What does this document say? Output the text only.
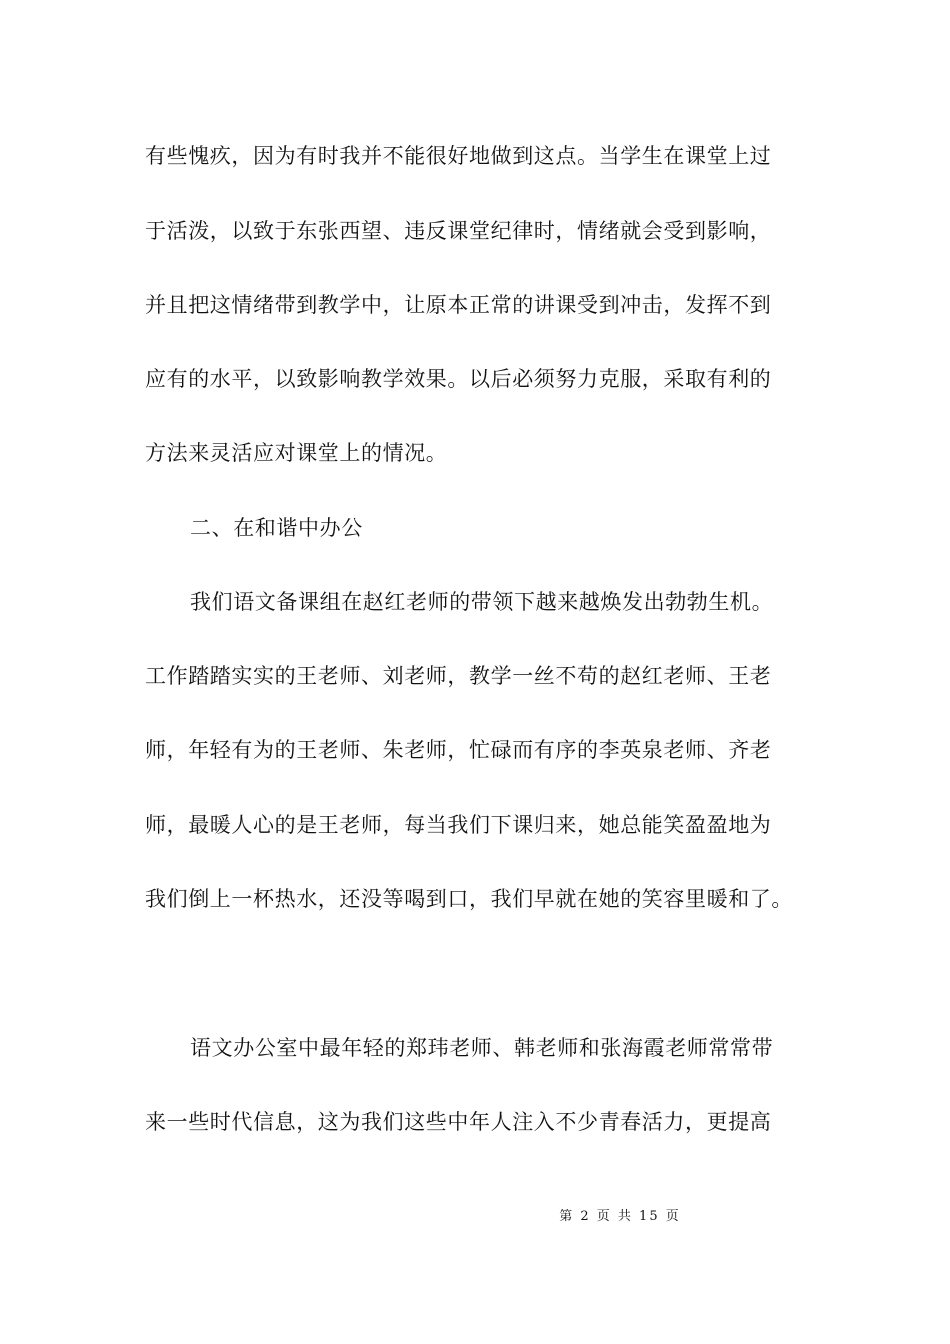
有些愧疚，因为有时我并不能很好地做到这点。当学生在课堂上过
于活泼，以致于东张西望、违反课堂纪律时，情绪就会受到影响，
并且把这情绪带到教学中，让原本正常的讲课受到冲击，发挥不到
应有的水平，以致影响教学效果。以后必须努力克服，采取有利的
方法来灵活应对课堂上的情况。
二、在和谐中办公
我们语文备课组在赵红老师的带领下越来越焕发出勃勃生机。
工作踏踏实实的王老师、刘老师，教学一丝不苟的赵红老师、王老
师，年轻有为的王老师、朱老师，忙碌而有序的李英泉老师、齐老
师，最暖人心的是王老师，每当我们下课归来，她总能笑盈盈地为
我们倒上一杯热水，还没等喝到口，我们早就在她的笑容里暖和了。
语文办公室中最年轻的郑玮老师、韩老师和张海霞老师常常带
来一些时代信息，这为我们这些中年人注入不少青春活力，更提高
第 2 页 共 15 页
